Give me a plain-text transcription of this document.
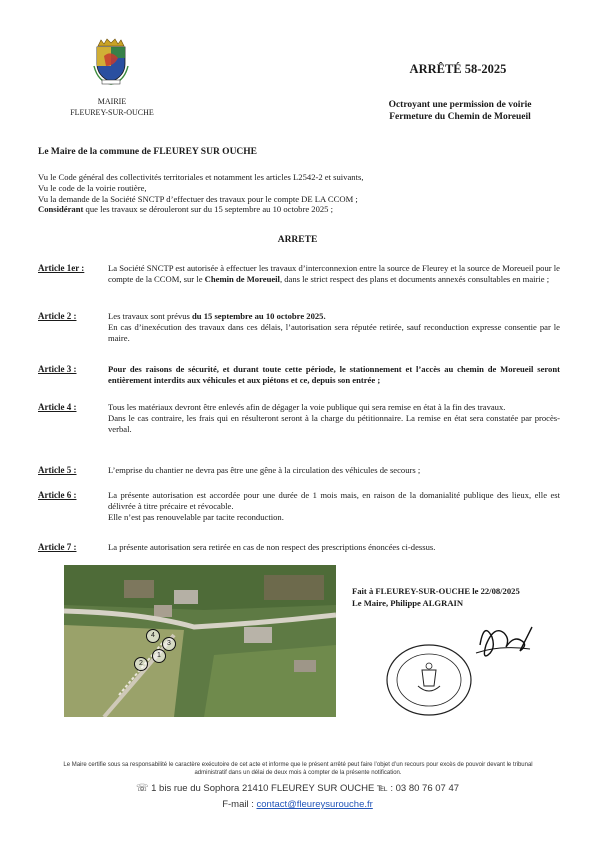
MAIRIE
FLEUREY-SUR-OUCHE
ARRÊTÉ 58-2025
Octroyant une permission de voirie
Fermeture du Chemin de Moreueil
Le Maire de la commune de FLEUREY SUR OUCHE
Vu le Code général des collectivités territoriales et notamment les articles L2542-2 et suivants,
Vu le code de la voirie routière,
Vu la demande de la Société SNCTP d’effectuer des travaux pour le compte DE LA CCOM ;
Considérant que les travaux se dérouleront sur du 15 septembre au 10 octobre 2025 ;
ARRETE
Article 1er :	La Société SNCTP est autorisée à effectuer les travaux d’interconnexion entre la source de Fleurey et la source de Moreueil pour le compte de la CCOM, sur le Chemin de Moreueil, dans le strict respect des plans et documents annexés consultables en mairie ;
Article 2 :	Les travaux sont prévus du 15 septembre au 10 octobre 2025.
En cas d’inexécution des travaux dans ces délais, l’autorisation sera réputée retirée, sauf reconduction expresse consentie par le maire.
Article 3 :	Pour des raisons de sécurité, et durant toute cette période, le stationnement et l’accès au chemin de Moreueil seront entièrement interdits aux véhicules et aux piétons et ce, depuis son entrée ;
Article 4 :	Tous les matériaux devront être enlevés afin de dégager la voie publique qui sera remise en état à la fin des travaux.
Dans le cas contraire, les frais qui en résulteront seront à la charge du pétitionnaire. La remise en état sera constatée par procès-verbal.
Article 5 :	L’emprise du chantier ne devra pas être une gêne à la circulation des véhicules de secours ;
Article 6 :	La présente autorisation est accordée pour une durée de 1 mois mais, en raison de la domanialité publique des lieux, elle est délivrée à titre précaire et révocable.
Elle n’est pas renouvelable par tacite reconduction.
Article 7 :	La présente autorisation sera retirée en cas de non respect des prescriptions énoncées ci-dessus.
4
3
1
2
Fait à FLEUREY-SUR-OUCHE le 22/08/2025
Le Maire, Philippe ALGRAIN
Le Maire certifie sous sa responsabilité le caractère exécutoire de cet acte et informe que le présent arrêté peut faire l’objet d’un recours pour excès de pouvoir devant le tribunal administratif dans un délai de deux mois à compter de la présente notification.
☏ 1 bis rue du Sophora 21410 FLEUREY SUR OUCHE ℡ : 03 80 76 07 47
F-mail : contact@fleureysurouche.fr
